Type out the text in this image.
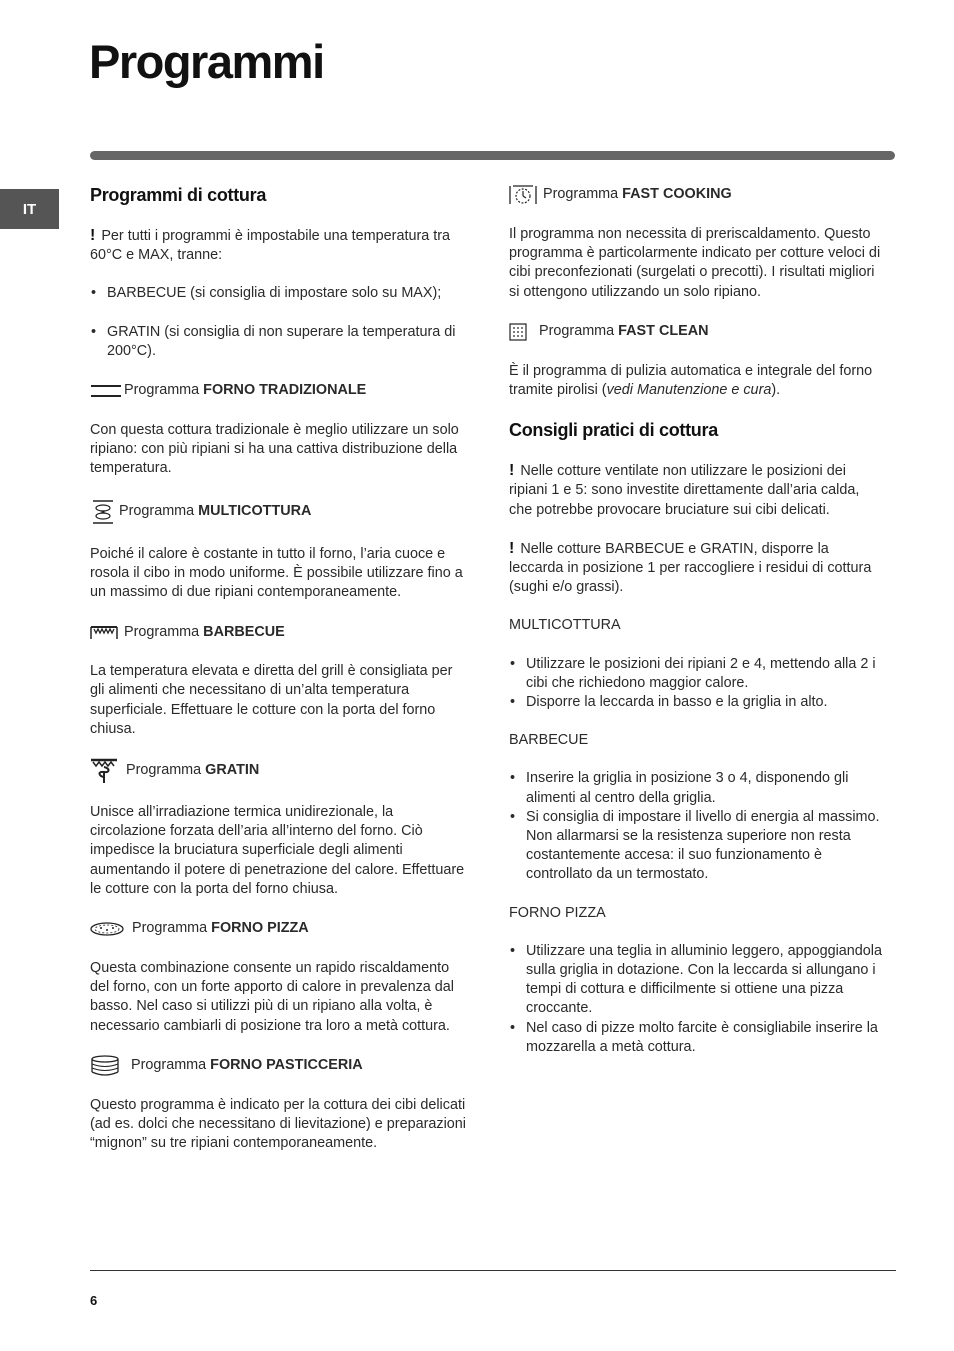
Programmi
IT
Programmi di cottura

! Per tutti i programmi è impostabile una temperatura tra 60°C e MAX, tranne:

• BARBECUE (si consiglia di impostare solo su MAX);
• GRATIN (si consiglia di non superare la temperatura di 200°C).
Programma
FORNO TRADIZIONALE

Con questa cottura tradizionale è meglio utilizzare un solo ripiano: con più ripiani si ha una cattiva distribuzione della temperatura.

Programma
MULTICOTTURA

Poiché il calore è costante in tutto il forno, l’aria cuoce e rosola il cibo in modo uniforme. È possibile utilizzare fino a un massimo di due ripiani contemporaneamente.

Programma
BARBECUE

La temperatura elevata e diretta del grill è consigliata per gli alimenti che necessitano di un’alta temperatura superficiale. Effettuare le cotture con la porta del forno chiusa.

Programma
GRATIN

Unisce all’irradiazione termica unidirezionale, la circolazione forzata dell’aria all’interno del forno. Ciò impedisce la bruciatura superficiale degli alimenti aumentando il potere di penetrazione del calore. Effettuare le cotture con la porta del forno chiusa.

Programma
FORNO PIZZA

Questa combinazione consente un rapido riscaldamento del forno, con un forte apporto di calore in prevalenza dal basso. Nel caso si utilizzi più di un ripiano alla volta, è necessario cambiarli di posizione tra loro a metà cottura.

Programma
FORNO PASTICCERIA

Questo programma è indicato per la cottura dei cibi delicati (ad es. dolci che necessitano di lievitazione) e preparazioni “mignon” su tre ripiani contemporaneamente.

Programma
FAST COOKING

Il programma non necessita di preriscaldamento. Questo programma è particolarmente indicato per cotture veloci di cibi preconfezionati (surgelati o precotti). I risultati migliori si ottengono utilizzando un solo ripiano.

Programma
FAST CLEAN

È il programma di pulizia automatica e integrale del forno tramite pirolisi (vedi Manutenzione e cura).

Consigli pratici di cottura

! Nelle cotture ventilate non utilizzare le posizioni dei ripiani 1 e 5: sono investite direttamente dall’aria calda, che potrebbe provocare bruciature sui cibi delicati.

! Nelle cotture BARBECUE e GRATIN, disporre la leccarda in posizione 1 per raccogliere i residui di cottura (sughi e/o grassi).

MULTICOTTURA
• Utilizzare le posizioni dei ripiani 2 e 4, mettendo alla 2 i cibi che richiedono maggior calore.
• Disporre la leccarda in basso e la griglia in alto.
BARBECUE
• Inserire la griglia in posizione 3 o 4, disponendo gli alimenti al centro della griglia.
• Si consiglia di impostare il livello di energia al massimo. Non allarmarsi se la resistenza superiore non resta costantemente accesa: il suo funzionamento è controllato da un termostato.
FORNO PIZZA
• Utilizzare una teglia in alluminio leggero, appoggiandola sulla griglia in dotazione. Con la leccarda si allungano i tempi di cottura e difficilmente si ottiene una pizza croccante.
• Nel caso di pizze molto farcite è consigliabile inserire la mozzarella a metà cottura.
6
